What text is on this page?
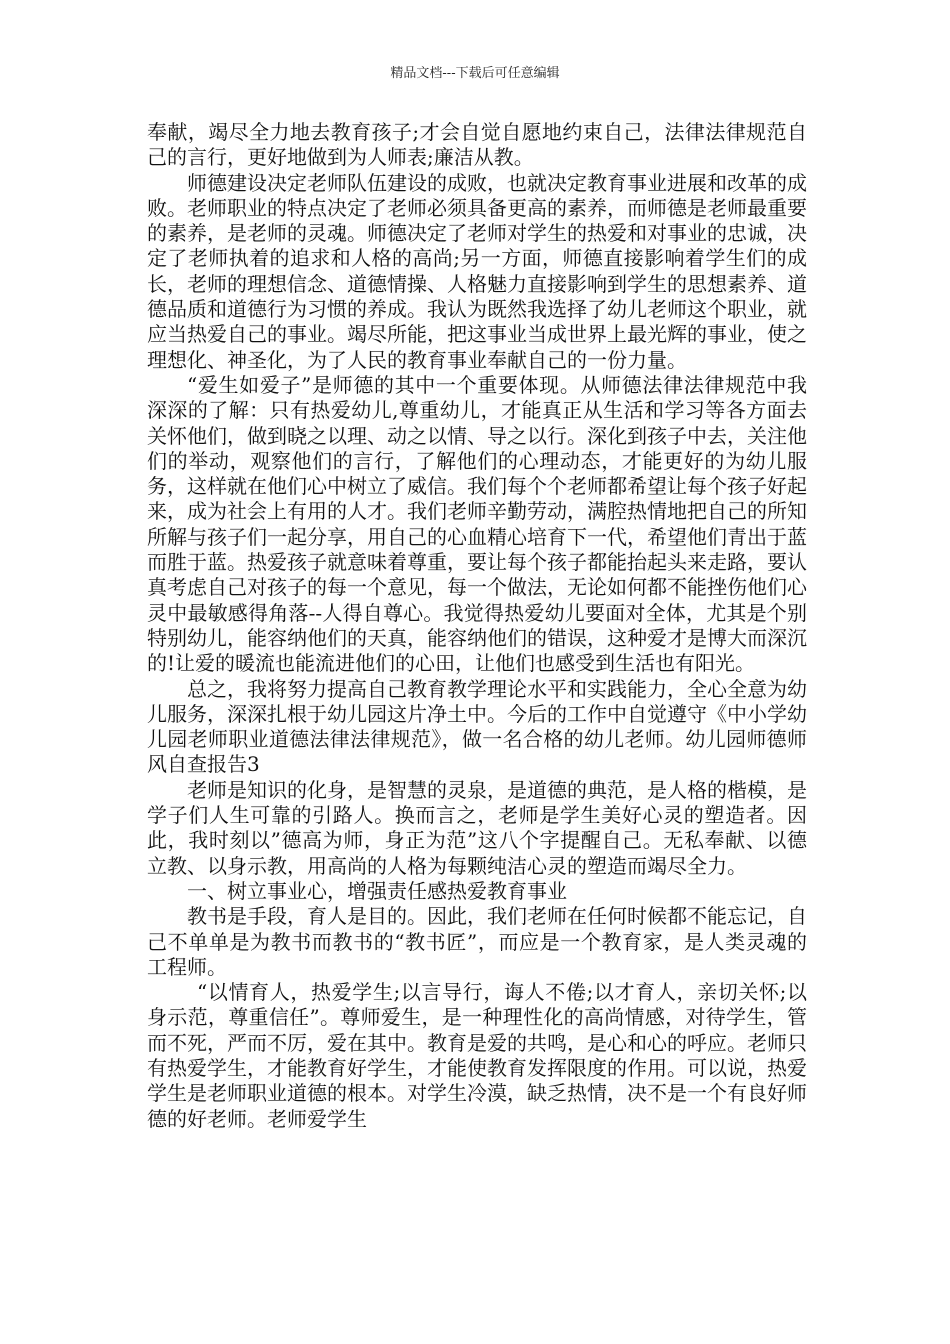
精品文档---下载后可任意编辑

奉献，竭尽全力地去教育孩子;才会自觉自愿地约束自己，法律法律规范自己的言行，更好地做到为人师表;廉洁从教。

师德建设决定老师队伍建设的成败，也就决定教育事业进展和改革的成败。老师职业的特点决定了老师必须具备更高的素养，而师德是老师最重要的素养，是老师的灵魂。师德决定了老师对学生的热爱和对事业的忠诚，决定了老师执着的追求和人格的高尚;另一方面，师德直接影响着学生们的成长，老师的理想信念、道德情操、人格魅力直接影响到学生的思想素养、道德品质和道德行为习惯的养成。我认为既然我选择了幼儿老师这个职业，就应当热爱自己的事业。竭尽所能，把这事业当成世界上最光辉的事业，使之理想化、神圣化，为了人民的教育事业奉献自己的一份力量。

“爱生如爱子”是师德的其中一个重要体现。从师德法律法律规范中我深深的了解：只有热爱幼儿,尊重幼儿，才能真正从生活和学习等各方面去关怀他们，做到晓之以理、动之以情、导之以行。深化到孩子中去，关注他们的举动，观察他们的言行，了解他们的心理动态，才能更好的为幼儿服务，这样就在他们心中树立了威信。我们每个个老师都希望让每个孩子好起来，成为社会上有用的人才。我们老师辛勤劳动，满腔热情地把自己的所知所解与孩子们一起分享，用自己的心血精心培育下一代，希望他们青出于蓝而胜于蓝。热爱孩子就意味着尊重，要让每个孩子都能抬起头来走路，要认真考虑自己对孩子的每一个意见，每一个做法，无论如何都不能挫伤他们心灵中最敏感得角落--人得自尊心。我觉得热爱幼儿要面对全体，尤其是个别特别幼儿，能容纳他们的天真，能容纳他们的错误，这种爱才是博大而深沉的!让爱的暖流也能流进他们的心田，让他们也感受到生活也有阳光。

总之，我将努力提高自己教育教学理论水平和实践能力，全心全意为幼儿服务，深深扎根于幼儿园这片净土中。今后的工作中自觉遵守《中小学幼儿园老师职业道德法律法律规范》，做一名合格的幼儿老师。幼儿园师德师风自查报告3

老师是知识的化身，是智慧的灵泉，是道德的典范，是人格的楷模，是学子们人生可靠的引路人。换而言之，老师是学生美好心灵的塑造者。因此，我时刻以”德高为师，身正为范”这八个字提醒自己。无私奉献、以德立教、以身示教，用高尚的人格为每颗纯洁心灵的塑造而竭尽全力。

一、树立事业心，增强责任感热爱教育事业

教书是手段，育人是目的。因此，我们老师在任何时候都不能忘记，自己不单单是为教书而教书的“教书匠”，而应是一个教育家，是人类灵魂的工程师。

“以情育人，热爱学生;以言导行，诲人不倦;以才育人，亲切关怀;以身示范，尊重信任”。尊师爱生，是一种理性化的高尚情感，对待学生，管而不死，严而不厉，爱在其中。教育是爱的共鸣，是心和心的呼应。老师只有热爱学生，才能教育好学生，才能使教育发挥限度的作用。可以说，热爱学生是老师职业道德的根本。对学生冷漠，缺乏热情，决不是一个有良好师德的好老师。老师爱学生
